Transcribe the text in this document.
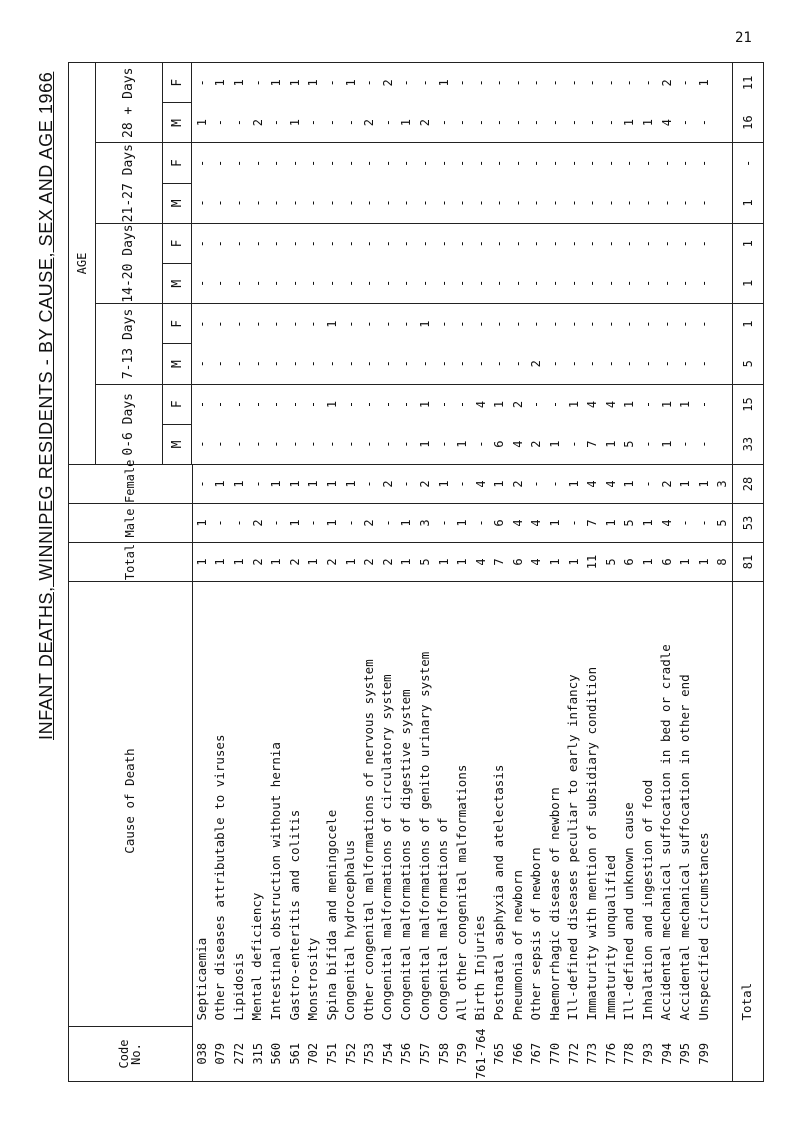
21
INFANT DEATHS, WINNIPEG RESIDENTS - BY CAUSE, SEX AND AGE 1966
Code No.	Cause of Death	Total	Male	Female	AGE									
					0-6 Days		7-13 Days		14-20 Days		21-27 Days		28 + Days	
					M	F	M	F	M	F	M	F	M	F

038	Septicaemia	1	1	-	-	-	-	-	-	-	-	-	1	-
079	Other diseases attributable to viruses	1	-	1	-	-	-	-	-	-	-	-	-	1
272	Lipidosis	1	-	1	-	-	-	-	-	-	-	-	-	1
315	Mental deficiency	2	2	-	-	-	-	-	-	-	-	-	2	-
560	Intestinal obstruction without hernia	1	-	1	-	-	-	-	-	-	-	-	-	1
561	Gastro-enteritis and colitis	2	1	1	-	-	-	-	-	-	-	-	1	1
702	Monstrosity	1	-	1	-	-	-	-	-	-	-	-	-	1
751	Spina bifida and meningocele	2	1	1	-	1	-	1	-	-	-	-	-	-
752	Congenital hydrocephalus	1	-	1	-	-	-	-	-	-	-	-	-	1
753	Other congenital malformations of nervous system	2	2	-	-	-	-	-	-	-	-	-	2	-
754	Congenital malformations of circulatory system	2	-	2	-	-	-	-	-	-	-	-	-	2
756	Congenital malformations of digestive system	1	1	-	-	-	-	-	-	-	-	-	1	-
757	Congenital malformations of genito urinary system	5	3	2	1	1	-	1	-	-	-	-	2	-
758	Congenital malformations of	1	-	1	-	-	-	-	-	-	-	-	-	1
759	All other congenital malformations	1	1	-	1	-	-	-	-	-	-	-	-	-
761-764	Birth Injuries	4	-	4	-	4	-	-	-	-	-	-	-	-
765	Postnatal asphyxia and atelectasis	7	6	1	6	1	-	-	-	-	-	-	-	-
766	Pneumonia of newborn	6	4	2	4	2	-	-	-	-	-	-	-	-
767	Other sepsis of newborn	4	4	-	2	-	2	-	-	-	-	-	-	-
770	Haemorrhagic disease of newborn	1	1	-	1	-	-	-	-	-	-	-	-	-
772	Ill-defined diseases peculiar to early infancy	1	-	1	-	1	-	-	-	-	-	-	-	-
773	Immaturity with mention of subsidiary condition	11	7	4	7	4	-	-	-	-	-	-	-	-
776	Immaturity unqualified	5	1	4	1	4	-	-	-	-	-	-	-	-
778	Ill-defined and unknown cause	6	5	1	5	1	-	-	-	-	-	-	1	-
793	Inhalation and ingestion of food	1	1	-	-	-	-	-	-	-	-	-	1	-
794	Accidental mechanical suffocation in bed or cradle	6	4	2	1	1	-	-	-	-	-	-	4	2
795	Accidental mechanical suffocation in other end	1	-	1	-	1	-	-	-	-	-	-	-	-
799	Unspecified circumstances	1	-	1	-	-	-	-	-	-	-	-	-	1
		8	5	3										
	Total	81	53	28	33	15	5	1	1	1	1	-	16	11
